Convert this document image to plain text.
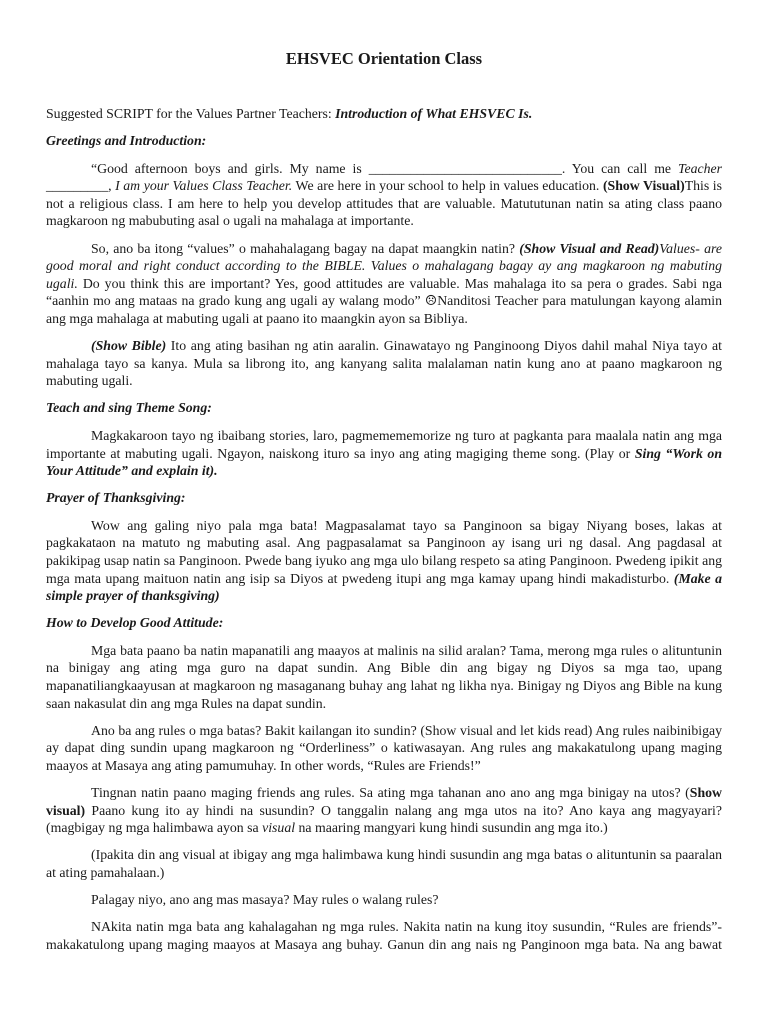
EHSVEC Orientation Class

Suggested SCRIPT for the Values Partner Teachers: Introduction of What EHSVEC Is.

Greetings and Introduction:

“Good afternoon boys and girls. My name is ____________________________. You can call me Teacher _________, I am your Values Class Teacher. We are here in your school to help in values education. (Show Visual)This is not a religious class. I am here to help you develop attitudes that are valuable. Matututunan natin sa ating class paano magkaroon ng mabubuting asal o ugali na mahalaga at importante.

So, ano ba itong “values” o mahahalagang bagay na dapat maangkin natin? (Show Visual and Read)Values- are good moral and right conduct according to the BIBLE. Values o mahalagang bagay ay ang magkaroon ng mabuting ugali. Do you think this are important? Yes, good attitudes are valuable. Mas mahalaga ito sa pera o grades. Sabi nga “aanhin mo ang mataas na grado kung ang ugali ay walang modo” ☹Nanditosi Teacher para matulungan kayong alamin ang mga mahalaga at mabuting ugali at paano ito maangkin ayon sa Bibliya.

(Show Bible) Ito ang ating basihan ng atin aaralin. Ginawatayo ng Panginoong Diyos dahil mahal Niya tayo at mahalaga tayo sa kanya. Mula sa librong ito, ang kanyang salita malalaman natin kung ano at paano magkaroon ng mabuting ugali.

Teach and sing Theme Song:

Magkakaroon tayo ng ibaibang stories, laro, pagmemememorize ng turo at pagkanta para maalala natin ang mga importante at mabuting ugali. Ngayon, naiskong ituro sa inyo ang ating magiging theme song. (Play or Sing “Work on Your Attitude” and explain it).

Prayer of Thanksgiving:

Wow ang galing niyo pala mga bata! Magpasalamat tayo sa Panginoon sa bigay Niyang boses, lakas at pagkakataon na matuto ng mabuting asal. Ang pagpasalamat sa Panginoon ay isang uri ng dasal. Ang pagdasal at pakikipag usap natin sa Panginoon. Pwede bang iyuko ang mga ulo bilang respeto sa ating Panginoon. Pwedeng ipikit ang mga mata upang maituon natin ang isip sa Diyos at pwedeng itupi ang mga kamay upang hindi makadisturbo. (Make a simple prayer of thanksgiving)

How to Develop Good Attitude:

Mga bata paano ba natin mapanatili ang maayos at malinis na silid aralan? Tama, merong mga rules o alituntunin na binigay ang ating mga guro na dapat sundin. Ang Bible din ang bigay ng Diyos sa mga tao, upang mapanatiliangkaayusan at magkaroon ng masaganang buhay ang lahat ng likha nya. Binigay ng Diyos ang Bible na kung saan nakasulat din ang mga Rules na dapat sundin.

Ano ba ang rules o mga batas? Bakit kailangan ito sundin? (Show visual and let kids read) Ang rules naibinibigay ay dapat ding sundin upang magkaroon ng “Orderliness” o katiwasayan. Ang rules ang makakatulong upang maging maayos at Masaya ang ating pamumuhay. In other words, “Rules are Friends!”

Tingnan natin paano maging friends ang rules. Sa ating mga tahanan ano ano ang mga binigay na utos? (Show visual) Paano kung ito ay hindi na susundin? O tanggalin nalang ang mga utos na ito? Ano kaya ang magyayari? (magbigay ng mga halimbawa ayon sa visual na maaring mangyari kung hindi susundin ang mga ito.)

(Ipakita din ang visual at ibigay ang mga halimbawa kung hindi susundin ang mga batas o alituntunin sa paaralan at ating pamahalaan.)

Palagay niyo, ano ang mas masaya? May rules o walang rules?

NAkita natin mga bata ang kahalagahan ng mga rules. Nakita natin na kung itoy susundin, “Rules are friends”- makakatulong upang maging maayos at Masaya ang buhay. Ganun din ang nais ng Panginoon mga bata. Na ang bawat
